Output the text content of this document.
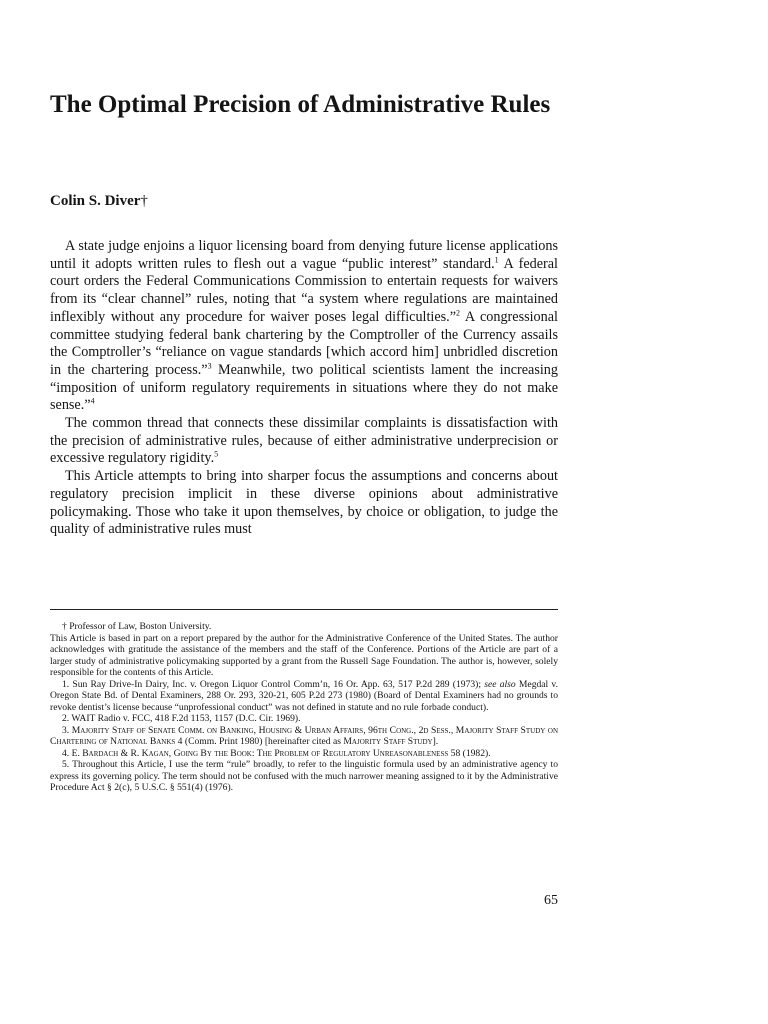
The Optimal Precision of Administrative Rules
Colin S. Diver†

A state judge enjoins a liquor licensing board from denying future license applications until it adopts written rules to flesh out a vague “public interest” standard.$^1$ A federal court orders the Federal Communications Commission to entertain requests for waivers from its “clear channel” rules, noting that “a system where regulations are maintained inflexibly without any procedure for waiver poses legal difficulties.”$^2$ A congressional committee studying federal bank chartering by the Comptroller of the Currency assails the Comptroller’s “reliance on vague standards [which accord him] unbridled discretion in the chartering process.”$^3$ Meanwhile, two political scientists lament the increasing “imposition of uniform regulatory requirements in situations where they do not make sense.”$^4$

The common thread that connects these dissimilar complaints is dissatisfaction with the precision of administrative rules, because of either administrative underprecision or excessive regulatory rigidity.$^5$

This Article attempts to bring into sharper focus the assumptions and concerns about regulatory precision implicit in these diverse opinions about administrative policymaking. Those who take it upon themselves, by choice or obligation, to judge the quality of administrative rules must

† Professor of Law, Boston University.

This Article is based in part on a report prepared by the author for the Administrative Conference of the United States. The author acknowledges with gratitude the assistance of the members and the staff of the Conference. Portions of the Article are part of a larger study of administrative policymaking supported by a grant from the Russell Sage Foundation. The author is, however, solely responsible for the contents of this Article.

1. Sun Ray Drive-In Dairy, Inc. v. Oregon Liquor Control Comm’n, 16 Or. App. 63, 517 P.2d 289 (1973); see also Megdal v. Oregon State Bd. of Dental Examiners, 288 Or. 293, 320-21, 605 P.2d 273 (1980) (Board of Dental Examiners had no grounds to revoke dentist’s license because “unprofessional conduct” was not defined in statute and no rule forbade conduct).

2. WAIT Radio v. FCC, 418 F.2d 1153, 1157 (D.C. Cir. 1969).

3. Majority Staff of Senate Comm. on Banking, Housing & Urban Affairs, 96th Cong., 2d Sess., Majority Staff Study on Chartering of National Banks 4 (Comm. Print 1980) [hereinafter cited as Majority Staff Study].

4. E. Bardach & R. Kagan, Going By the Book: The Problem of Regulatory Unreasonableness 58 (1982).

5. Throughout this Article, I use the term “rule” broadly, to refer to the linguistic formula used by an administrative agency to express its governing policy. The term should not be confused with the much narrower meaning assigned to it by the Administrative Procedure Act § 2(c), 5 U.S.C. § 551(4) (1976).

65
